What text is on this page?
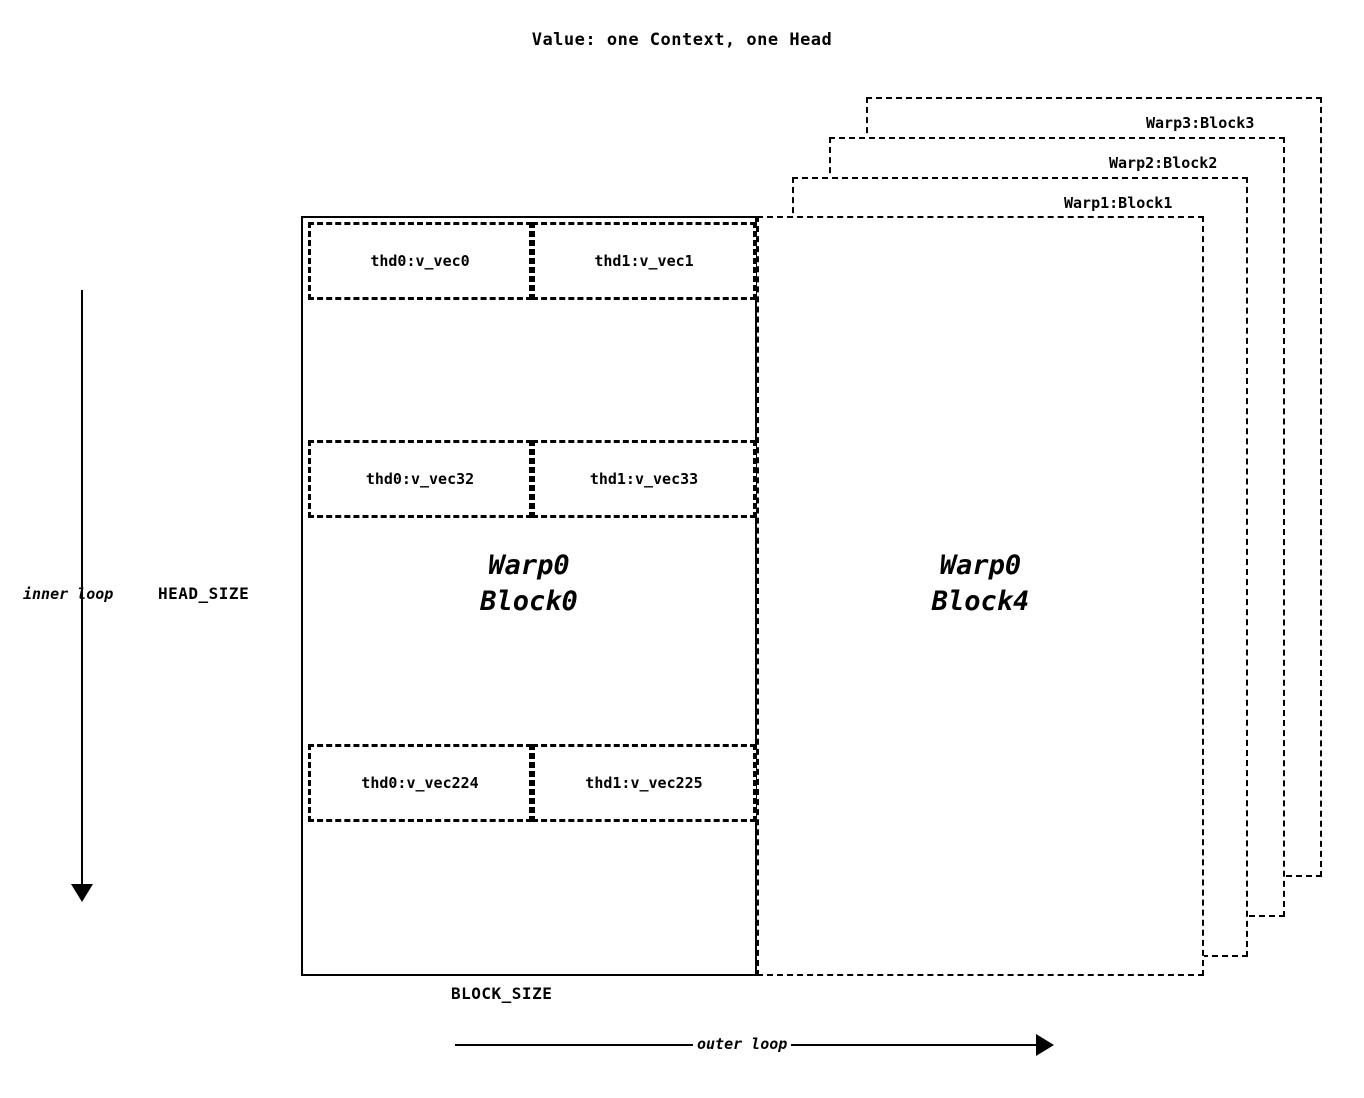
Value: one Context, one Head
Warp3:Block3
Warp2:Block2
Warp1:Block1
Warp0
Block4
Warp0
Block0
thd0:v_vec0	thd1:v_vec1
thd0:v_vec32	thd1:v_vec33
thd0:v_vec224	thd1:v_vec225
inner loop	HEAD_SIZE
BLOCK_SIZE
outer loop
